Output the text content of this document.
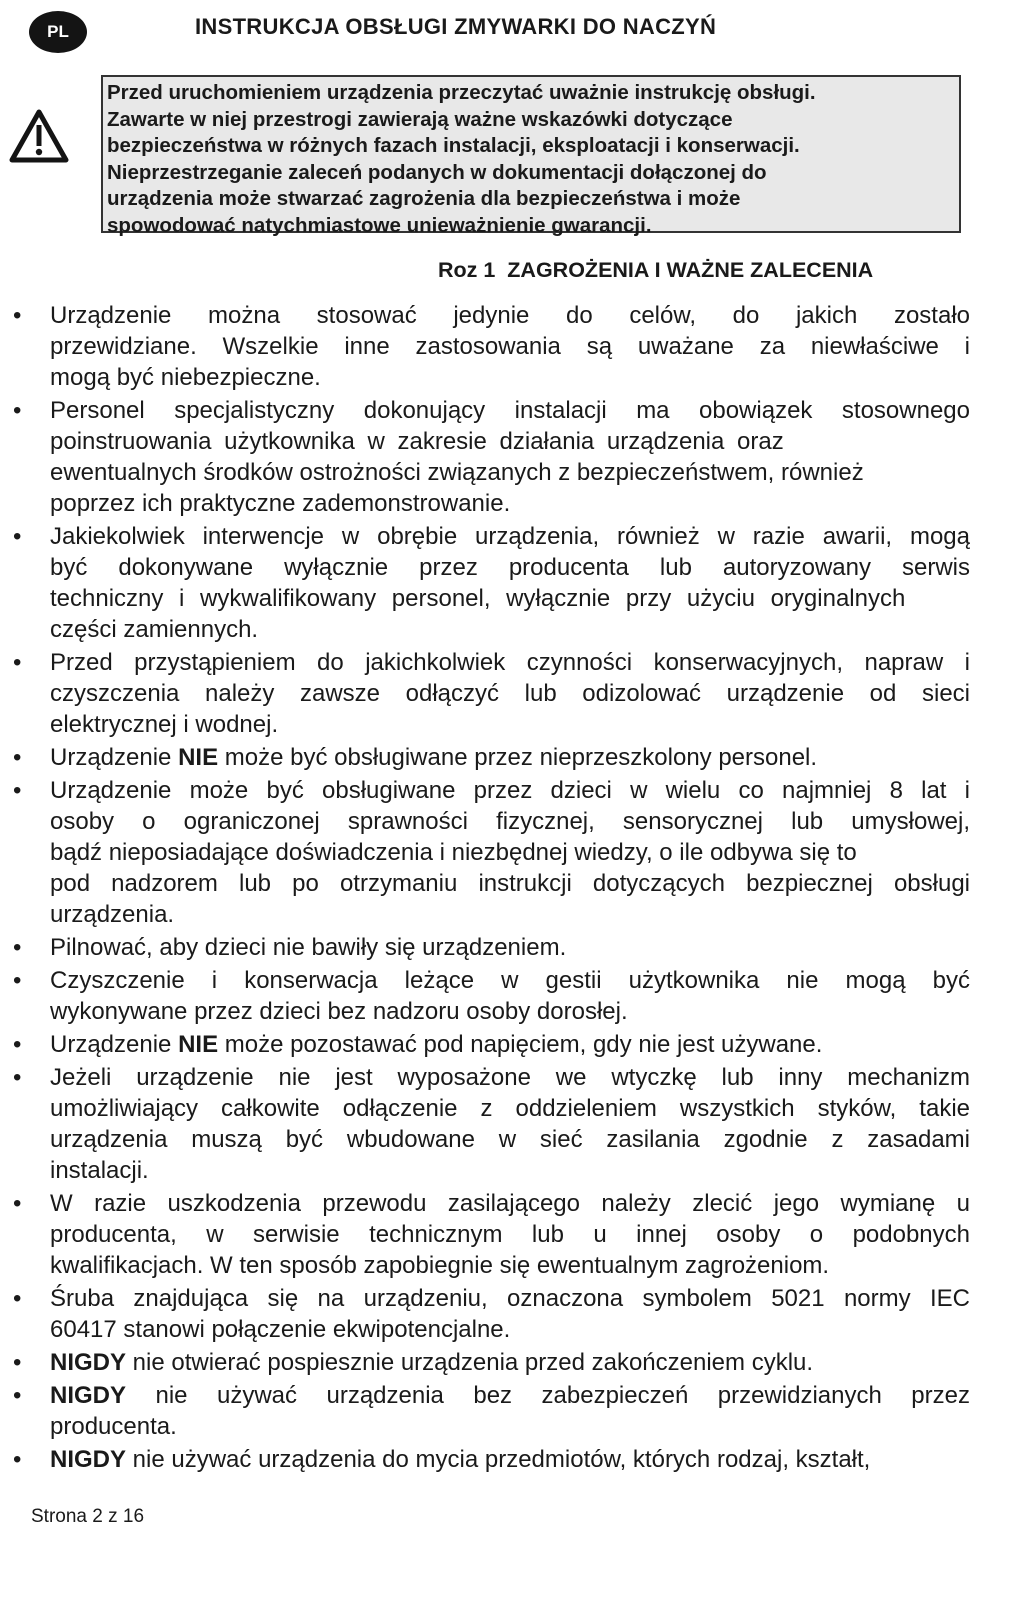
PL	INSTRUKCJA OBSŁUGI ZMYWARKI DO NACZYŃ
Przed uruchomieniem urządzenia przeczytać uważnie instrukcję obsługi.
Zawarte w niej przestrogi zawierają ważne wskazówki dotyczące
bezpieczeństwa w różnych fazach instalacji, eksploatacji i konserwacji.
Nieprzestrzeganie zaleceń podanych w dokumentacji dołączonej do
urządzenia może stwarzać zagrożenia dla bezpieczeństwa i może
spowodować natychmiastowe unieważnienie gwarancji.
Roz 1 ZAGROŻENIA I WAŻNE ZALECENIA
• Urządzenie można stosować jedynie do celów, do jakich zostało
przewidziane. Wszelkie inne zastosowania są uważane za niewłaściwe i
mogą być niebezpieczne.
• Personel specjalistyczny dokonujący instalacji ma obowiązek stosownego
poinstruowania użytkownika w zakresie działania urządzenia oraz
ewentualnych środków ostrożności związanych z bezpieczeństwem, również
poprzez ich praktyczne zademonstrowanie.
• Jakiekolwiek interwencje w obrębie urządzenia, również w razie awarii, mogą
być dokonywane wyłącznie przez producenta lub autoryzowany serwis
techniczny i wykwalifikowany personel, wyłącznie przy użyciu oryginalnych
części zamiennych.
• Przed przystąpieniem do jakichkolwiek czynności konserwacyjnych, napraw i
czyszczenia należy zawsze odłączyć lub odizolować urządzenie od sieci
elektrycznej i wodnej.
• Urządzenie NIE może być obsługiwane przez nieprzeszkolony personel.
• Urządzenie może być obsługiwane przez dzieci w wielu co najmniej 8 lat i
osoby o ograniczonej sprawności fizycznej, sensorycznej lub umysłowej,
bądź nieposiadające doświadczenia i niezbędnej wiedzy, o ile odbywa się to
pod nadzorem lub po otrzymaniu instrukcji dotyczących bezpiecznej obsługi
urządzenia.
• Pilnować, aby dzieci nie bawiły się urządzeniem.
• Czyszczenie i konserwacja leżące w gestii użytkownika nie mogą być
wykonywane przez dzieci bez nadzoru osoby dorosłej.
• Urządzenie NIE może pozostawać pod napięciem, gdy nie jest używane.
• Jeżeli urządzenie nie jest wyposażone we wtyczkę lub inny mechanizm
umożliwiający całkowite odłączenie z oddzieleniem wszystkich styków, takie
urządzenia muszą być wbudowane w sieć zasilania zgodnie z zasadami
instalacji.
• W razie uszkodzenia przewodu zasilającego należy zlecić jego wymianę u
producenta, w serwisie technicznym lub u innej osoby o podobnych
kwalifikacjach. W ten sposób zapobiegnie się ewentualnym zagrożeniom.
• Śruba znajdująca się na urządzeniu, oznaczona symbolem 5021 normy IEC
60417 stanowi połączenie ekwipotencjalne.
• NIGDY nie otwierać pospiesznie urządzenia przed zakończeniem cyklu.
• NIGDY nie używać urządzenia bez zabezpieczeń przewidzianych przez
producenta.
• NIGDY nie używać urządzenia do mycia przedmiotów, których rodzaj, kształt,
Strona 2 z 16
